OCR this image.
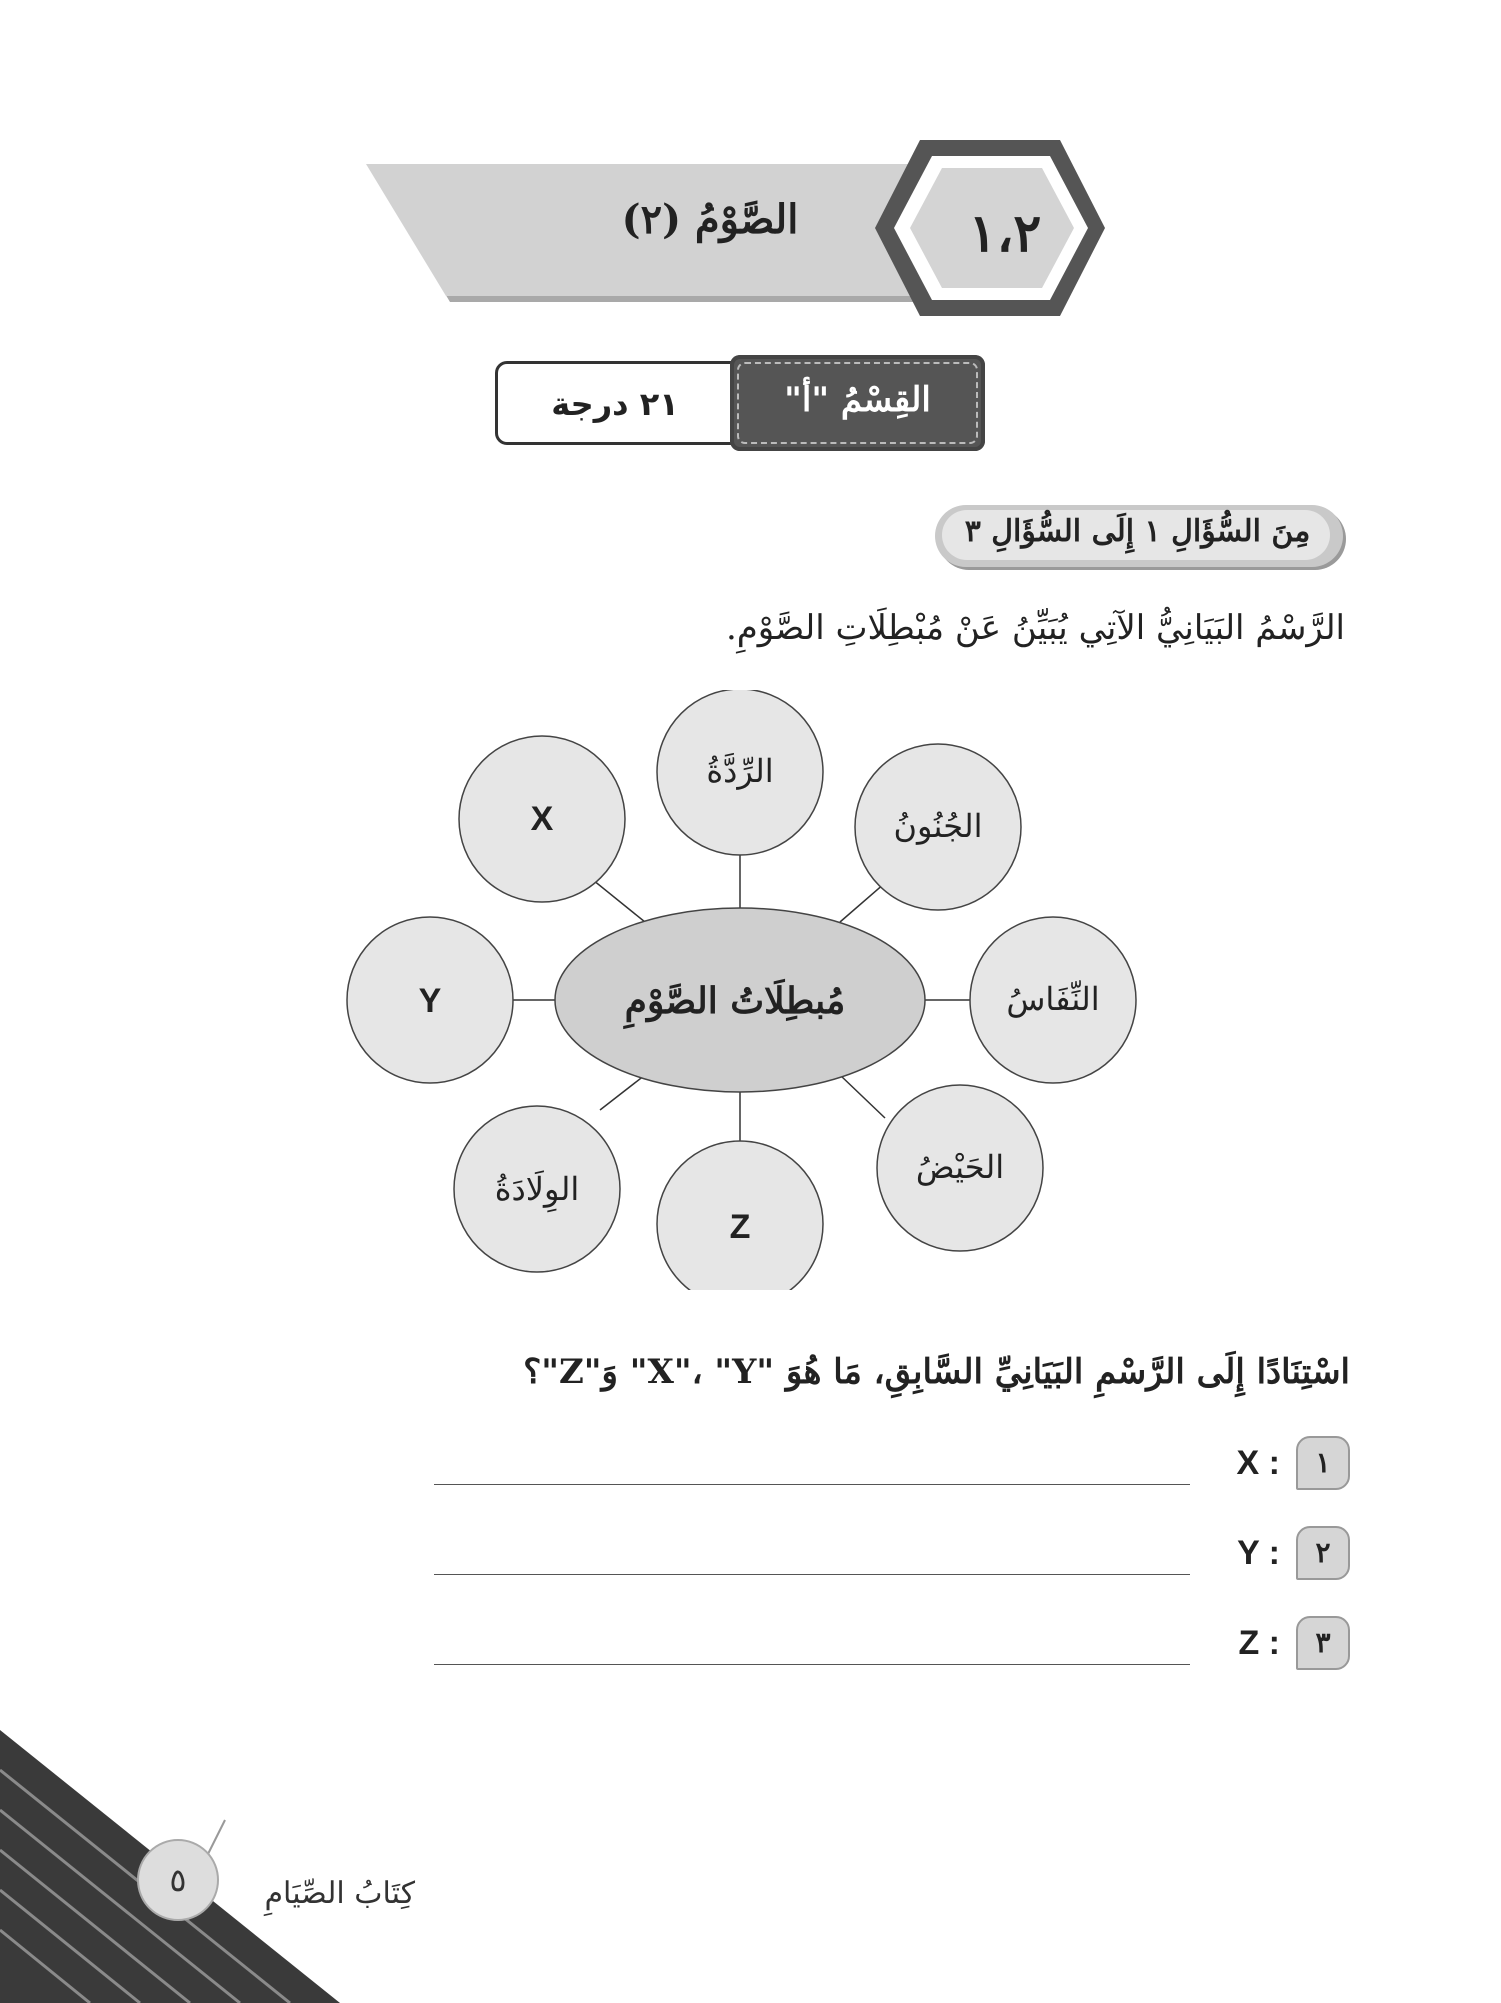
الصَّوْمُ (٢)	١،٢
القِسْمُ "أ"
٢١ درجة
مِنَ السُّؤَالِ ١ إِلَى السُّؤَالِ ٣
الرَّسْمُ البَيَانِيُّ الآتِي يُبَيِّنُ عَنْ مُبْطِلَاتِ الصَّوْمِ.
مُبطِلَاتُ الصَّوْمِ
الرِّدَّةُ
الجُنُونُ
النِّفَاسُ
الحَيْضُ
Z
الوِلَادَةُ
Y
X
اسْتِنَادًا إِلَى الرَّسْمِ البَيَانِيِّ السَّابِقِ، مَا هُوَ "X"، "Y" وَ"Z"؟
١
X :
٢
Y :
٣
Z :
٥	كِتَابُ الصِّيَامِ
